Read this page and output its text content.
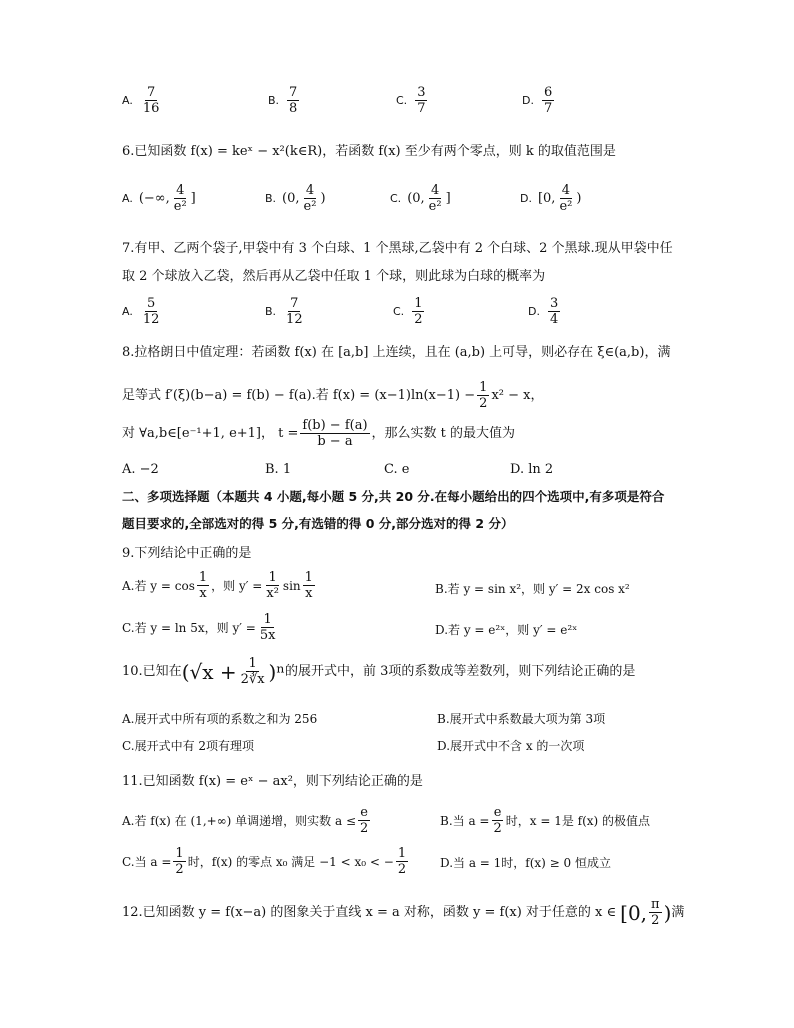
A. $\frac{7}{16}$	B. $\frac{7}{8}$	C. $\frac{3}{7}$	D. $\frac{6}{7}$
6.已知函数 f(x) = keˣ − x²(k∈R)，若函数 f(x) 至少有两个零点，则 k 的取值范围是
A. (−∞, $\frac{4}{\text{e²}}$ ]	B. (0, $\frac{4}{\text{e²}}$ )	C. (0, $\frac{4}{\text{e²}}$ ]	D. [0, $\frac{4}{\text{e²}}$ )
7.有甲、乙两个袋子,甲袋中有 3 个白球、1 个黑球,乙袋中有 2 个白球、2 个黑球.现从甲袋中任
取 2 个球放入乙袋，然后再从乙袋中任取 1 个球，则此球为白球的概率为
A. $\frac{5}{12}$	B. $\frac{7}{12}$	C. $\frac{1}{2}$	D. $\frac{3}{4}$
8.拉格朗日中值定理：若函数 f(x) 在 [a,b] 上连续，且在 (a,b) 上可导，则必存在 ξ∈(a,b)，满
足等式 f′(ξ)(b−a) = f(b) − f(a).若 $f(x) = (x-1)\ln(x-1) - \frac{1}{2} x^2 - x$，
对 ∀a,b∈[e⁻¹+1, e+1]， $t = \frac{f(b) - f(a)}{b - a}$ ，那么实数 t 的最大值为
A. −2	B. 1	C. e	D. ln 2
二、多项选择题（本题共 4 小题,每小题 5 分,共 20 分.在每小题给出的四个选项中,有多项是符合
题目要求的,全部选对的得 5 分,有选错的得 0 分,部分选对的得 2 分）
9.下列结论中正确的是
A.若 $y = \cos \frac{1}{x}$ ，则 $y' = \frac{1}{\text{x²}}$ $\sin \frac{1}{x}$	B.若 y = sin x²，则 y′ = 2x cos x²
C.若 y = ln 5x，则 $y' = \frac{1}{5x}$	D.若 y = e²ˣ，则 y′ = e²ˣ
10.已知在 $(√x + \frac{1}{2∛x} )^n$ 的展开式中，前 3项的系数成等差数列，则下列结论正确的是
A.展开式中所有项的系数之和为 256	B.展开式中系数最大项为第 3项
C.展开式中有 2项有理项	D.展开式中不含 x 的一次项
11.已知函数 f(x) = eˣ − ax²，则下列结论正确的是
A.若 f(x) 在 (1,+∞) 单调递增，则实数 $a \le \frac{e}{2}$	B.当 $a = \frac{e}{2}$ 时，x = 1是 f(x) 的极值点
C.当 $a = \frac{1}{2}$ 时，f(x) 的零点 x₀ 满足 −1 < x₀ < − $\frac{1}{2}$	D.当 a = 1时，f(x) ≥ 0 恒成立
12.已知函数 y = f(x−a) 的图象关于直线 x = a 对称，函数 y = f(x) 对于任意的 x ∈ [0, $\frac{\pi}{2}$ ) 满
